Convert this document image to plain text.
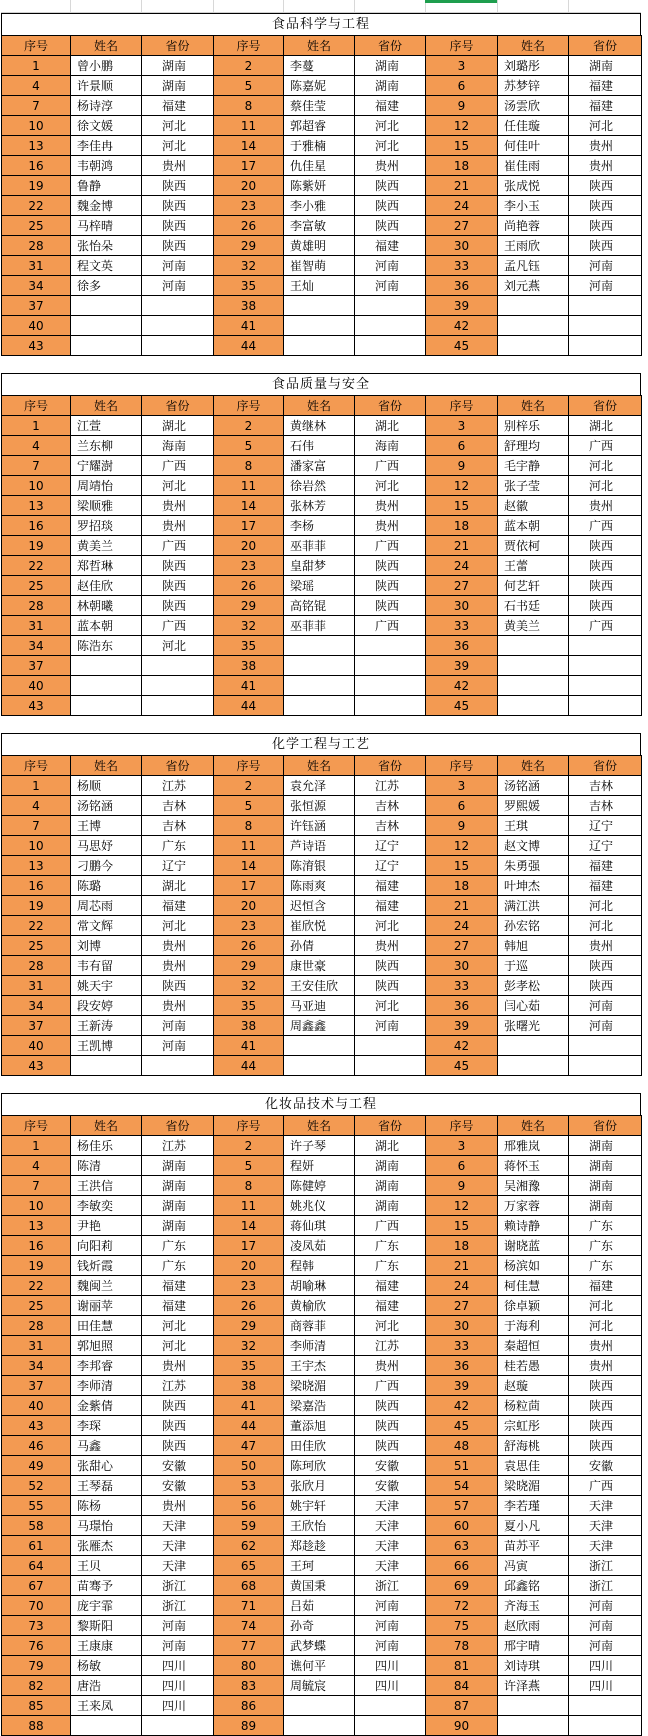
食品科学与工程
序号	姓名	省份	序号	姓名	省份	序号	姓名	省份
1	曾小鹏	湖南	2	李蔓	湖南	3	刘璐彤	湖南
4	许景顺	湖南	5	陈嘉妮	湖南	6	苏梦锌	福建
7	杨诗淳	福建	8	蔡佳莹	福建	9	汤雲欣	福建
10	徐文媛	河北	11	郭超睿	河北	12	任佳璇	河北
13	李佳冉	河北	14	于雅楠	河北	15	何佳叶	贵州
16	韦朝鸿	贵州	17	仇佳星	贵州	18	崔佳雨	贵州
19	鲁静	陕西	20	陈紫妍	陕西	21	张成悦	陕西
22	魏金博	陕西	23	李小雅	陕西	24	李小玉	陕西
25	马梓晴	陕西	26	李富敏	陕西	27	尚艳蓉	陕西
28	张怡朵	陕西	29	黄雄明	福建	30	王雨欣	陕西
31	程文英	河南	32	崔智萌	河南	33	孟凡钰	河南
34	徐多	河南	35	王灿	河南	36	刘元燕	河南
37			38			39		
40			41			42		
43			44			45		
食品质量与安全
序号	姓名	省份	序号	姓名	省份	序号	姓名	省份
1	江萱	湖北	2	黄继林	湖北	3	别梓乐	湖北
4	兰东柳	海南	5	石伟	海南	6	舒理均	广西
7	宁耀澍	广西	8	潘家富	广西	9	毛宇静	河北
10	周靖怡	河北	11	徐岩然	河北	12	张子莹	河北
13	梁顺雅	贵州	14	张林芳	贵州	15	赵徽	贵州
16	罗招琰	贵州	17	李杨	贵州	18	蓝本朝	广西
19	黄美兰	广西	20	巫菲菲	广西	21	贾依柯	陕西
22	郑哲琳	陕西	23	皇甜梦	陕西	24	王蕾	陕西
25	赵佳欣	陕西	26	梁瑶	陕西	27	何艺轩	陕西
28	林朝曦	陕西	29	高铭锟	陕西	30	石书廷	陕西
31	蓝本朝	广西	32	巫菲菲	广西	33	黄美兰	广西
34	陈浩东	河北	35			36		
37			38			39		
40			41			42		
43			44			45		
化学工程与工艺
序号	姓名	省份	序号	姓名	省份	序号	姓名	省份
1	杨顺	江苏	2	袁允泽	江苏	3	汤铭涵	吉林
4	汤铭涵	吉林	5	张恒源	吉林	6	罗熙媛	吉林
7	王博	吉林	8	许钰涵	吉林	9	王琪	辽宁
10	马思妤	广东	11	芦诗语	辽宁	12	赵文博	辽宁
13	刁鹏今	辽宁	14	陈淯银	辽宁	15	朱勇强	福建
16	陈璐	湖北	17	陈雨爽	福建	18	叶坤杰	福建
19	周芯雨	福建	20	迟恒含	福建	21	满江洪	河北
22	常文辉	河北	23	崔欣悦	河北	24	孙宏铭	河北
25	刘博	贵州	26	孙倩	贵州	27	韩旭	贵州
28	韦有留	贵州	29	康世豪	陕西	30	于巡	陕西
31	姚天宇	陕西	32	王安佳欣	陕西	33	彭孝松	陕西
34	段安婷	贵州	35	马亚迪	河北	36	闫心茹	河南
37	王新涛	河南	38	周鑫鑫	河南	39	张曙光	河南
40	王凯博	河南	41			42		
43			44			45		
化妆品技术与工程
序号	姓名	省份	序号	姓名	省份	序号	姓名	省份
1	杨佳乐	江苏	2	许子琴	湖北	3	邢雅岚	湖南
4	陈清	湖南	5	程妍	湖南	6	蒋怀玉	湖南
7	王洪信	湖南	8	陈健婷	湖南	9	吴湘豫	湖南
10	李敏奕	湖南	11	姚兆仪	湖南	12	万家蓉	湖南
13	尹艳	湖南	14	蒋仙琪	广西	15	赖诗静	广东
16	向阳莉	广东	17	凌凤茹	广东	18	谢晓蓝	广东
19	钱炘霞	广东	20	程韩	广东	21	杨滨如	广东
22	魏闽兰	福建	23	胡喻琳	福建	24	柯佳慧	福建
25	谢丽苹	福建	26	黄榆欣	福建	27	徐卓颖	河北
28	田佳慧	河北	29	商蓉菲	河北	30	于海利	河北
31	郭旭照	河北	32	李师清	江苏	33	秦超恒	贵州
34	李邦睿	贵州	35	王宇杰	贵州	36	桂若愚	贵州
37	李师清	江苏	38	梁晓湄	广西	39	赵璇	陕西
40	金紫倩	陕西	41	梁嘉浩	陕西	42	杨粒茴	陕西
43	李琛	陕西	44	董添旭	陕西	45	宗虹彤	陕西
46	马鑫	陕西	47	田佳欣	陕西	48	舒海桃	陕西
49	张甜心	安徽	50	陈珂欣	安徽	51	袁思佳	安徽
52	王琴磊	安徽	53	张欣月	安徽	54	梁晓湄	广西
55	陈杨	贵州	56	姚宇轩	天津	57	李若瑾	天津
58	马璟怡	天津	59	王欣怡	天津	60	夏小凡	天津
61	张雁杰	天津	62	郑趁趁	天津	63	苗苏平	天津
64	王贝	天津	65	王珂	天津	66	冯寅	浙江
67	苗骞予	浙江	68	黄国秉	浙江	69	邱鑫铭	浙江
70	庞宇霏	浙江	71	吕茹	河南	72	齐海玉	河南
73	黎斯阳	河南	74	孙奇	河南	75	赵欣雨	河南
76	王康康	河南	77	武梦蝶	河南	78	邢宇晴	河南
79	杨敏	四川	80	谯何平	四川	81	刘诗琪	四川
82	唐浩	四川	83	周毓宸	四川	84	许泽燕	四川
85	王来凤	四川	86			87		
88			89			90		
